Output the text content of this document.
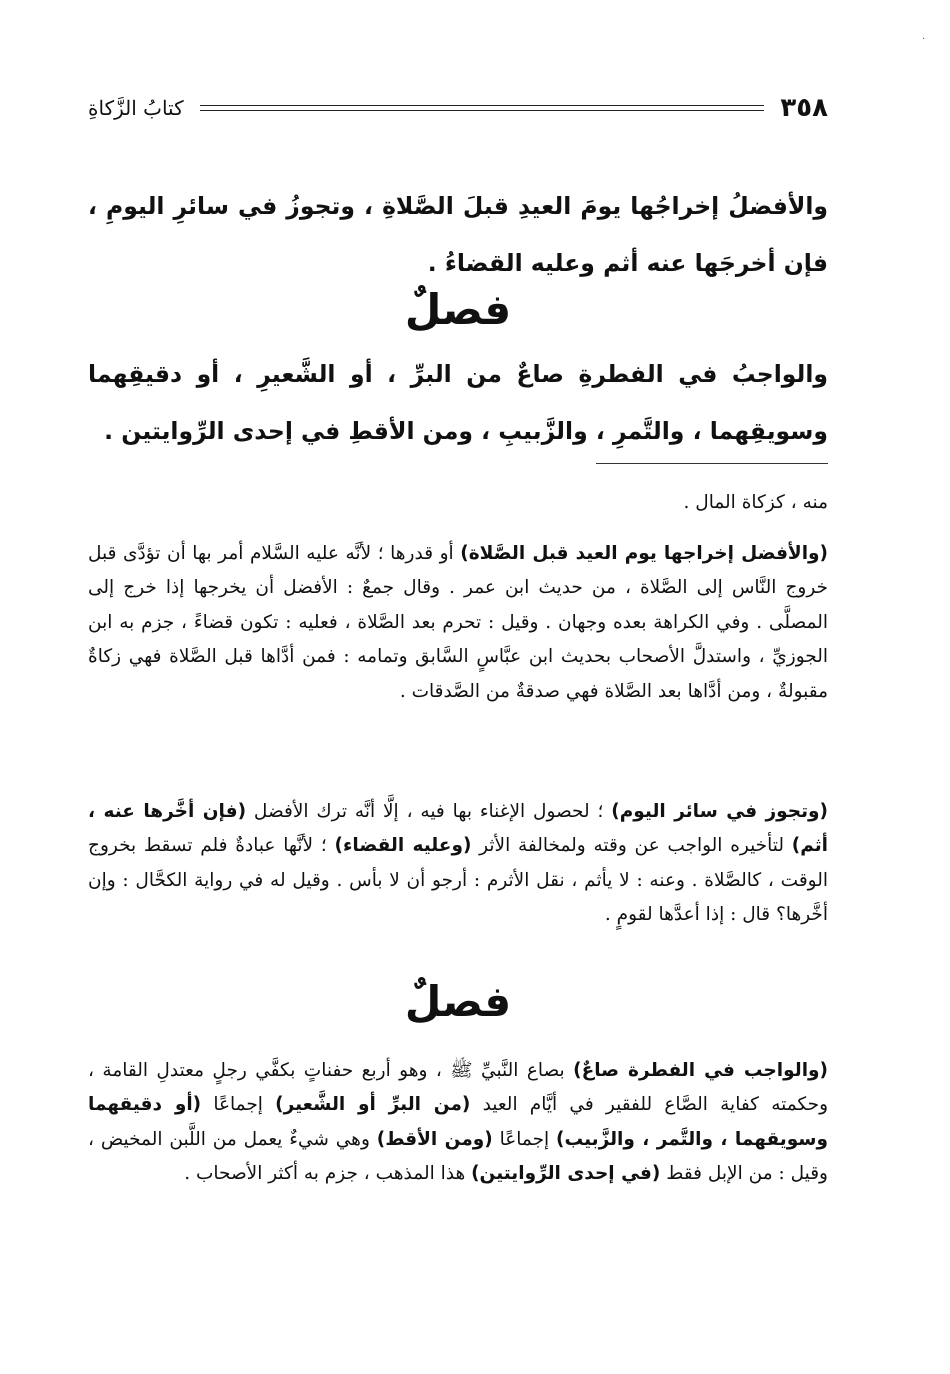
·
٣٥٨
كتابُ الزَّكاةِ
والأفضلُ إخراجُها يومَ العيدِ قبلَ الصَّلاةِ ، وتجوزُ في سائرِ اليومِ ، فإن أخرجَها عنه أثم وعليه القضاءُ .
فصلٌ
والواجبُ في الفطرةِ صاعٌ من البرِّ ، أو الشَّعيرِ ، أو دقيقِهما وسويقِهما ، والتَّمرِ ، والزَّبيبِ ، ومن الأقطِ في إحدى الرِّوايتين .
منه ، كزكاة المال .
(والأفضل إخراجها يوم العيد قبل الصَّلاة) أو قدرها ؛ لأنَّه عليه السَّلام أمر بها أن تؤدَّى قبل خروج النَّاس إلى الصَّلاة ، من حديث ابن عمر . وقال جمعٌ : الأفضل أن يخرجها إذا خرج إلى المصلَّى . وفي الكراهة بعده وجهان . وقيل : تحرم بعد الصَّلاة ، فعليه : تكون قضاءً ، جزم به ابن الجوزيِّ ، واستدلَّ الأصحاب بحديث ابن عبَّاسٍ السَّابق وتمامه : فمن أدَّاها قبل الصَّلاة فهي زكاةٌ مقبولةٌ ، ومن أدَّاها بعد الصَّلاة فهي صدقةٌ من الصَّدقات .
(وتجوز في سائر اليوم) ؛ لحصول الإغناء بها فيه ، إلَّا أنَّه ترك الأفضل (فإن أخَّرها عنه ، أثم) لتأخيره الواجب عن وقته ولمخالفة الأثر (وعليه القضاء) ؛ لأنَّها عبادةٌ فلم تسقط بخروج الوقت ، كالصَّلاة . وعنه : لا يأثم ، نقل الأثرم : أرجو أن لا بأس . وقيل له في رواية الكحَّال : وإن أخَّرها؟ قال : إذا أعدَّها لقومٍ .
فصلٌ
(والواجب في الفطرة صاعٌ) بصاع النَّبيِّ ﷺ ، وهو أربع حفناتٍ بكفَّي رجلٍ معتدلِ القامة ، وحكمته كفاية الصَّاع للفقير في أيَّام العيد (من البرِّ أو الشَّعير) إجماعًا (أو دقيقهما وسويقهما ، والتَّمر ، والزَّبيب) إجماعًا (ومن الأقط) وهي شيءٌ يعمل من اللَّبن المخيض ، وقيل : من الإبل فقط (في إحدى الرِّوايتين) هذا المذهب ، جزم به أكثر الأصحاب .
